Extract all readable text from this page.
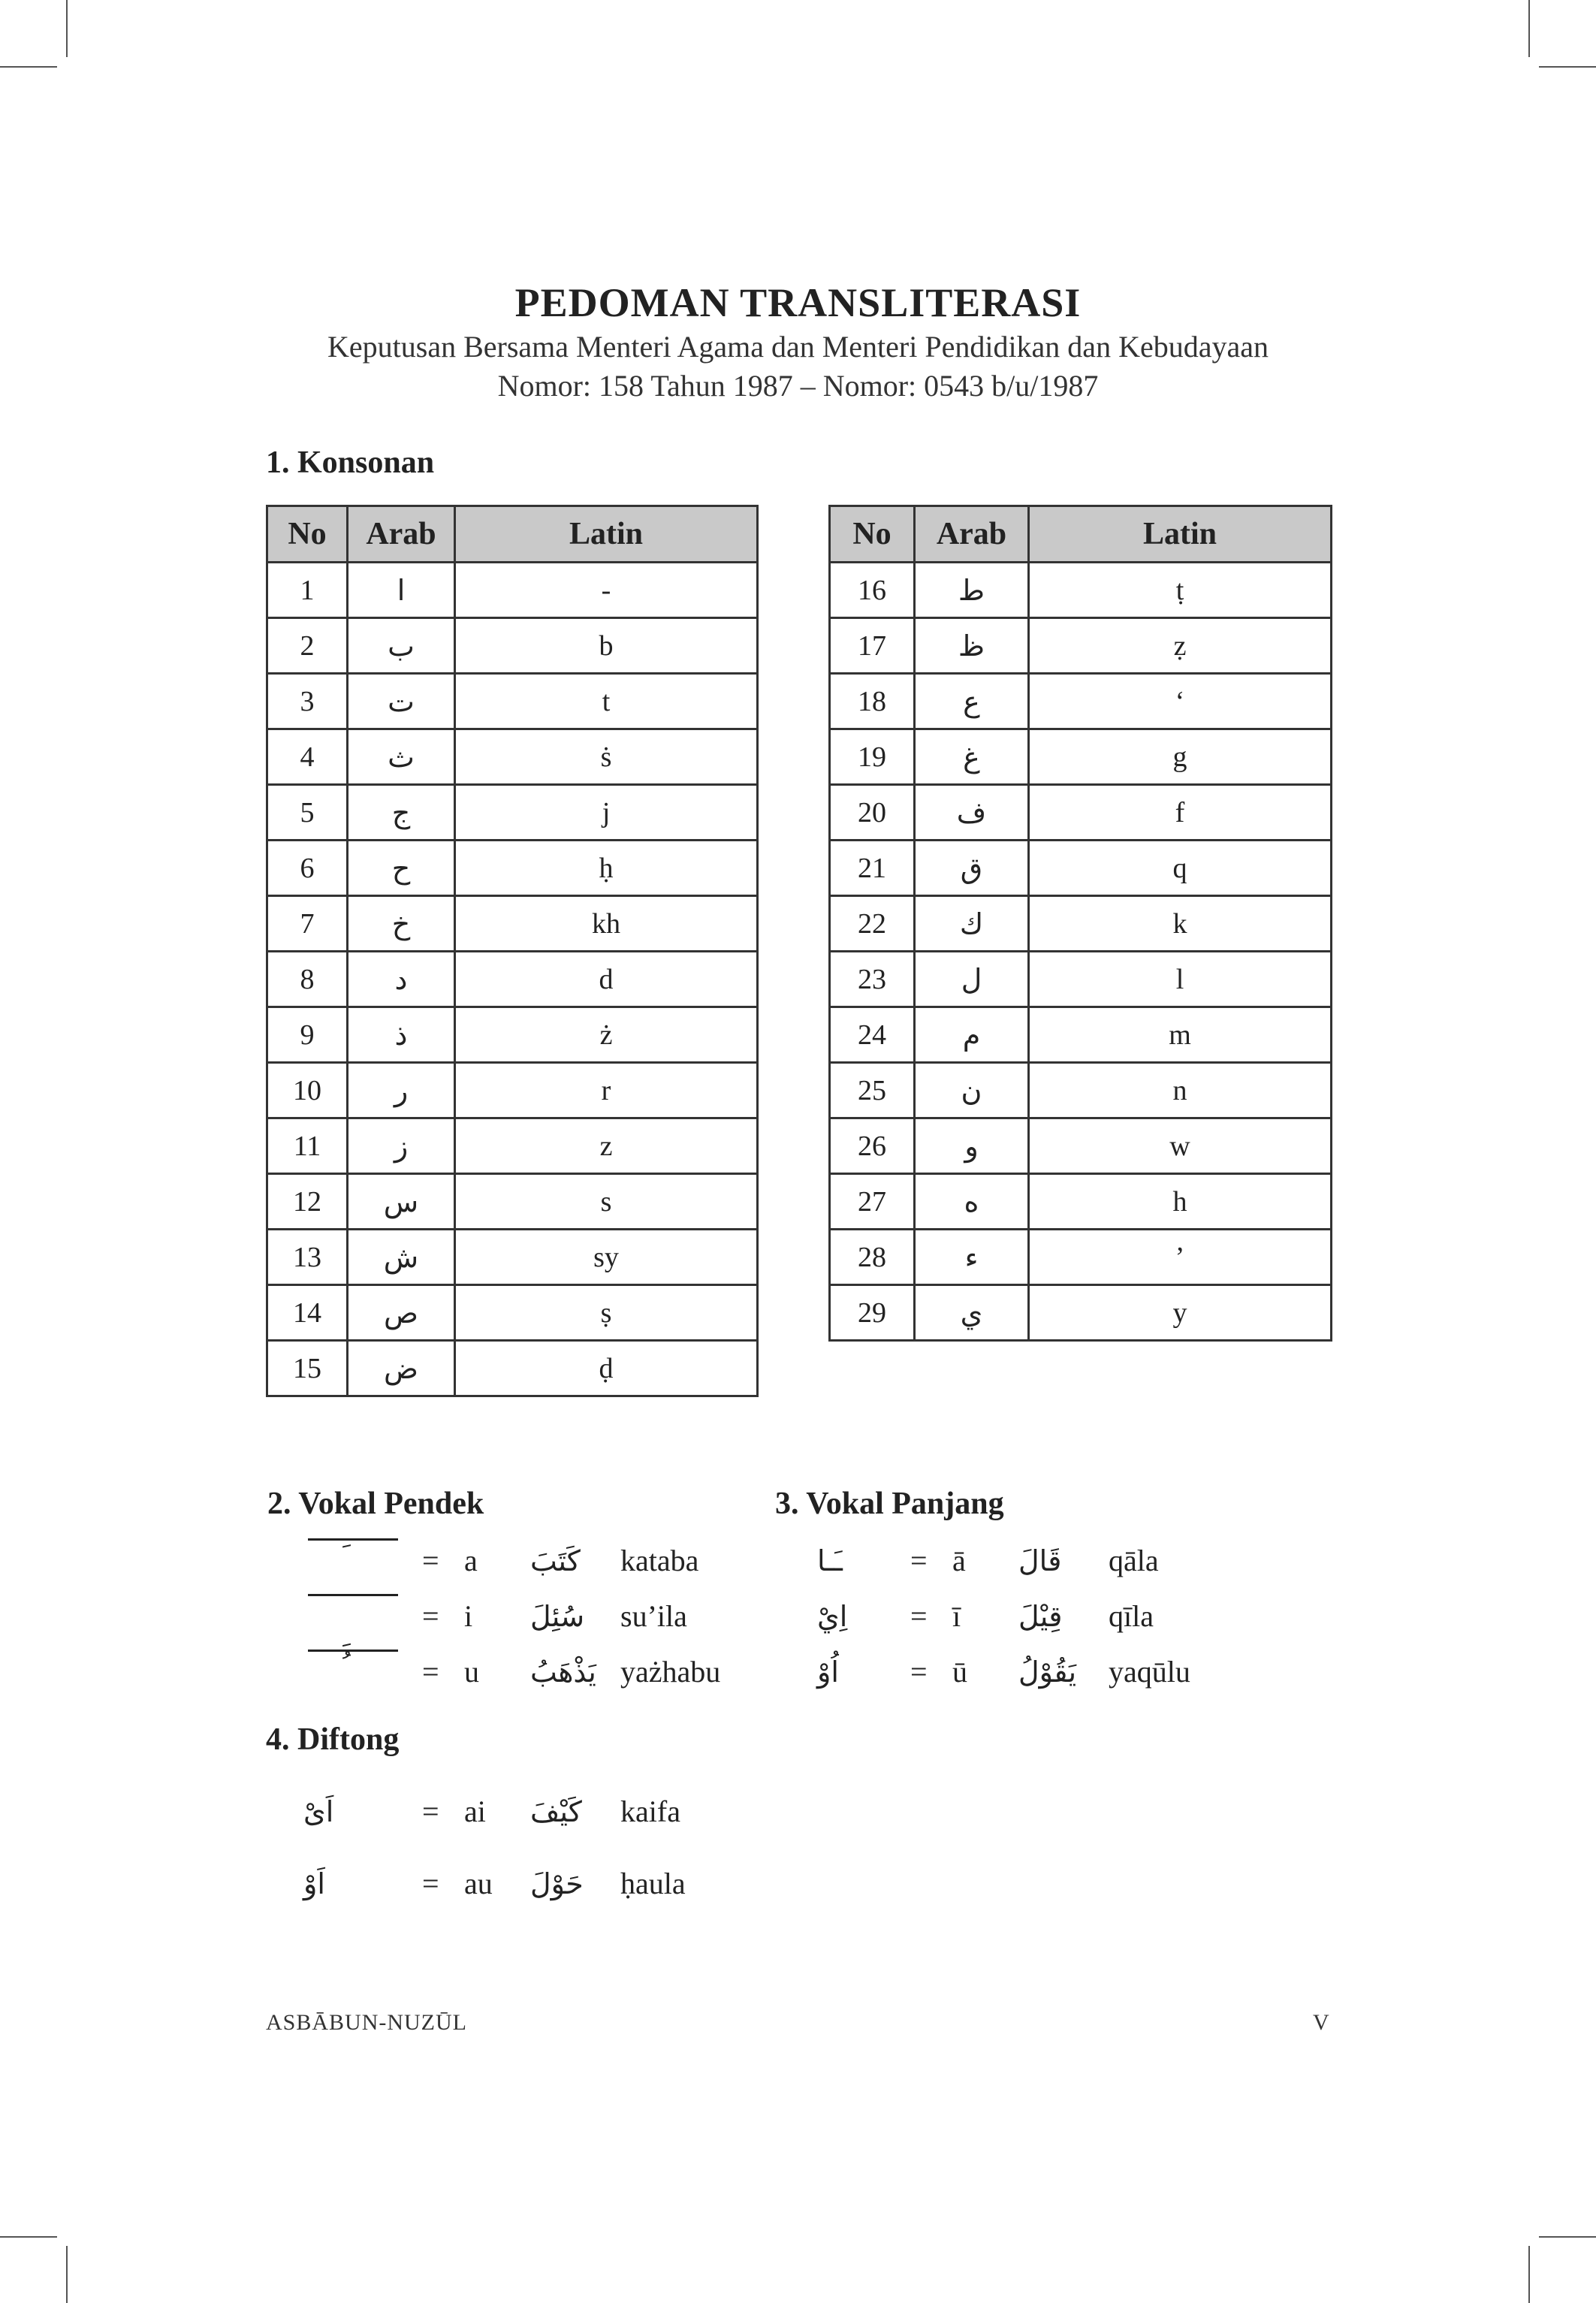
PEDOMAN TRANSLITERASI
Keputusan Bersama Menteri Agama dan Menteri Pendidikan dan Kebudayaan
Nomor: 158 Tahun 1987 – Nomor: 0543 b/u/1987
1. Konsonan
No	Arab	Latin
1	ا	-
2	ب	b
3	ت	t
4	ث	ṡ
5	ج	j
6	ح	ḥ
7	خ	kh
8	د	d
9	ذ	ż
10	ر	r
11	ز	z
12	س	s
13	ش	sy
14	ص	ṣ
15	ض	ḍ
No	Arab	Latin
16	ط	ṭ
17	ظ	ẓ
18	ع	‘
19	غ	g
20	ف	f
21	ق	q
22	ك	k
23	ل	l
24	م	m
25	ن	n
26	و	w
27	ه	h
28	ء	’
29	ي	y
2. Vokal Pendek
= a كَتَبَ kataba
= i سُئِلَ su’ila
= u يَذْهَبُ yażhabu
3. Vokal Panjang
ـَـا = ā قَالَ qāla
اِيْ = ī قِيْلَ qīla
اُوْ = ū يَقُوْلُ yaqūlu
4. Diftong
اَىْ	= ai كَيْفَ kaifa
اَوْ	= au حَوْلَ ḥaula
ASBĀBUN-NUZŪL	V
